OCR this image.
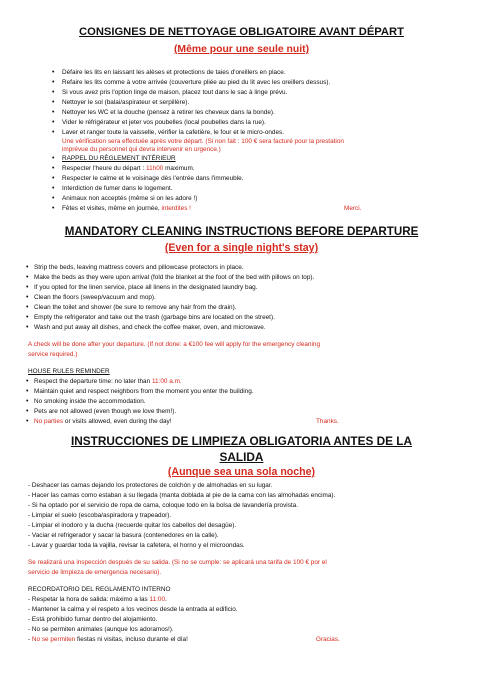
CONSIGNES DE NETTOYAGE OBLIGATOIRE AVANT DÉPART
(Même pour une seule nuit)
• Défaire les lits en laissant les alèses et protections de taies d'oreillers en place.
• Refaire les lits comme à votre arrivée (couverture pliée au pied du lit avec les oreillers dessus).
• Si vous avez pris l'option linge de maison, placez tout dans le sac à linge prévu.
• Nettoyer le sol (balai/aspirateur et serpillère).
• Nettoyer les WC et la douche (pensez à retirer les cheveux dans la bonde).
• Vider le réfrigérateur et jeter vos poubelles (local poubelles dans la rue).
• Laver et ranger toute la vaisselle, vérifier la cafetière, le four et le micro-ondes.
Une vérification sera effectuée après votre départ. (Si non fait : 100 € sera facturé pour la prestation
imprévue du personnel qui devra intervenir en urgence.)
• RAPPEL DU RÈGLEMENT INTÉRIEUR
• Respecter l'heure du départ : 11h00 maximum.
• Respecter le calme et le voisinage dès l'entrée dans l'immeuble.
• Interdiction de fumer dans le logement.
• Animaux non acceptés (même si on les adore !)
• Fêtes et visites, même en journée, interdites !	Merci.
MANDATORY CLEANING INSTRUCTIONS BEFORE DEPARTURE
(Even for a single night's stay)
• Strip the beds, leaving mattress covers and pillowcase protectors in place.
• Make the beds as they were upon arrival (fold the blanket at the foot of the bed with pillows on top).
• If you opted for the linen service, place all linens in the designated laundry bag.
• Clean the floors (sweep/vacuum and mop).
• Clean the toilet and shower (be sure to remove any hair from the drain).
• Empty the refrigerator and take out the trash (garbage bins are located on the street).
• Wash and put away all dishes, and check the coffee maker, oven, and microwave.
A check will be done after your departure. (If not done: a €100 fee will apply for the emergency cleaning
service required.)
HOUSE RULES REMINDER
• Respect the departure time: no later than 11:00 a.m.
• Maintain quiet and respect neighbors from the moment you enter the building.
• No smoking inside the accommodation.
• Pets are not allowed (even though we love them!).
• No parties or visits allowed, even during the day!	Thanks.
INSTRUCCIONES DE LIMPIEZA OBLIGATORIA ANTES DE LA
SALIDA
(Aunque sea una sola noche)
- Deshacer las camas dejando los protectores de colchón y de almohadas en su lugar.
- Hacer las camas como estaban a su llegada (manta doblada al pie de la cama con las almohadas encima).
- Si ha optado por el servicio de ropa de cama, coloque todo en la bolsa de lavandería provista.
- Limpiar el suelo (escoba/aspiradora y trapeador).
- Limpiar el inodoro y la ducha (recuerde quitar los cabellos del desagüe).
- Vaciar el refrigerador y sacar la basura (contenedores en la calle).
- Lavar y guardar toda la vajilla, revisar la cafetera, el horno y el microondas.
Se realizará una inspección después de su salida. (Si no se cumple: se aplicará una tarifa de 100 € por el
servicio de limpieza de emergencia necesario).
RECORDATORIO DEL REGLAMENTO INTERNO
- Respetar la hora de salida: máximo a las 11:00.
- Mantener la calma y el respeto a los vecinos desde la entrada al edificio.
- Está prohibido fumar dentro del alojamiento.
- No se permiten animales (aunque los adoramos!).
- No se permiten fiestas ni visitas, incluso durante el día!	Gracias.
